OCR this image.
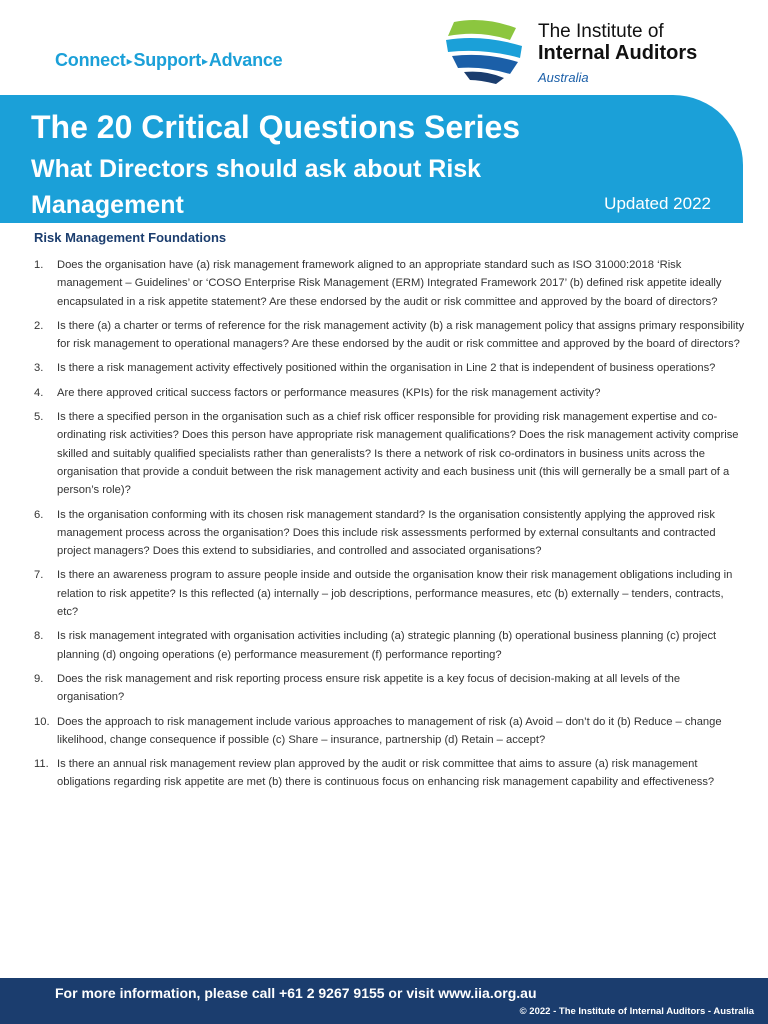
Connect▸Support▸Advance
The Institute of
Internal Auditors
Australia
The 20 Critical Questions Series
What Directors should ask about Risk Management	Updated 2022
Risk Management Foundations
1.	Does the organisation have (a) risk management framework aligned to an appropriate standard such as ISO 31000:2018 ‘Risk management – Guidelines’ or ‘COSO Enterprise Risk Management (ERM) Integrated Framework 2017’ (b) defined risk appetite ideally encapsulated in a risk appetite statement? Are these endorsed by the audit or risk committee and approved by the board of directors?
2.	Is there (a) a charter or terms of reference for the risk management activity (b) a risk management policy that assigns primary responsibility for risk management to operational managers? Are these endorsed by the audit or risk committee and approved by the board of directors?
3.	Is there a risk management activity effectively positioned within the organisation in Line 2 that is independent of business operations?
4.	Are there approved critical success factors or performance measures (KPIs) for the risk management activity?
5.	Is there a specified person in the organisation such as a chief risk officer responsible for providing risk management expertise and co-ordinating risk activities? Does this person have appropriate risk management qualifications? Does the risk management activity comprise skilled and suitably qualified specialists rather than generalists? Is there a network of risk co-ordinators in business units across the organisation that provide a conduit between the risk management activity and each business unit (this will gernerally be a small part of a person’s role)?
6.	Is the organisation conforming with its chosen risk management standard? Is the organisation consistently applying the approved risk management process across the organisation? Does this include risk assessments performed by external consultants and contracted project managers? Does this extend to subsidiaries, and controlled and associated organisations?
7.	Is there an awareness program to assure people inside and outside the organisation know their risk management obligations including in relation to risk appetite? Is this reflected (a) internally – job descriptions, performance measures, etc (b) externally – tenders, contracts, etc?
8.	Is risk management integrated with organisation activities including (a) strategic planning (b) operational business planning (c) project planning (d) ongoing operations (e) performance measurement (f) performance reporting?
9.	Does the risk management and risk reporting process ensure risk appetite is a key focus of decision-making at all levels of the organisation?
10. Does the approach to risk management include various approaches to management of risk (a) Avoid – don’t do it (b) Reduce – change likelihood, change consequence if possible (c) Share – insurance, partnership (d) Retain – accept?
11. Is there an annual risk management review plan approved by the audit or risk committee that aims to assure (a) risk management obligations regarding risk appetite are met (b) there is continuous focus on enhancing risk management capability and effectiveness?
For more information, please call +61 2 9267 9155 or visit www.iia.org.au
© 2022 - The Institute of Internal Auditors - Australia
